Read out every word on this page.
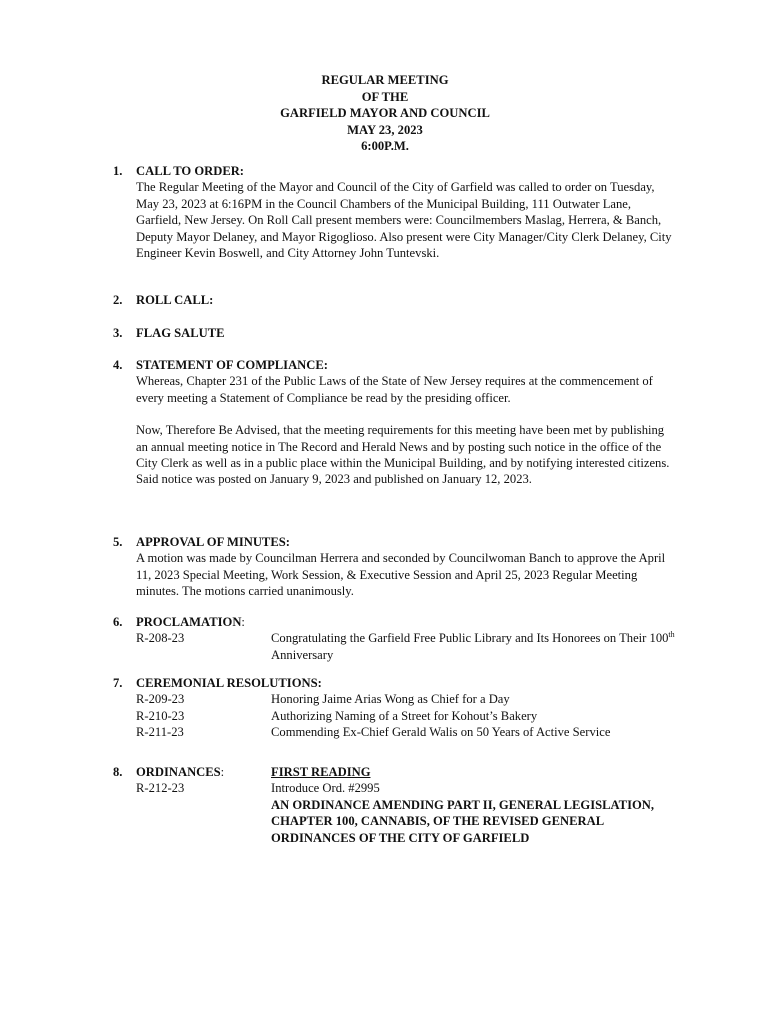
REGULAR MEETING
OF THE
GARFIELD MAYOR AND COUNCIL
MAY 23, 2023
6:00P.M.
1. CALL TO ORDER:

The Regular Meeting of the Mayor and Council of the City of Garfield was called to order on Tuesday, May 23, 2023 at 6:16PM in the Council Chambers of the Municipal Building, 111 Outwater Lane, Garfield, New Jersey. On Roll Call present members were: Councilmembers Maslag, Herrera, & Banch, Deputy Mayor Delaney, and Mayor Rigoglioso. Also present were City Manager/City Clerk Delaney, City Engineer Kevin Boswell, and City Attorney John Tuntevski.

2. ROLL CALL:
3. FLAG SALUTE
4. STATEMENT OF COMPLIANCE:

Whereas, Chapter 231 of the Public Laws of the State of New Jersey requires at the commencement of every meeting a Statement of Compliance be read by the presiding officer.

Now, Therefore Be Advised, that the meeting requirements for this meeting have been met by publishing an annual meeting notice in The Record and Herald News and by posting such notice in the office of the City Clerk as well as in a public place within the Municipal Building, and by notifying interested citizens. Said notice was posted on January 9, 2023 and published on January 12, 2023.

5. APPROVAL OF MINUTES:

A motion was made by Councilman Herrera and seconded by Councilwoman Banch to approve the April 11, 2023 Special Meeting, Work Session, & Executive Session and April 25, 2023 Regular Meeting minutes. The motions carried unanimously.

6. PROCLAMATION:
R-208-23	Congratulating the Garfield Free Public Library and Its Honorees on Their 100th Anniversary
7. CEREMONIAL RESOLUTIONS:
R-209-23	Honoring Jaime Arias Wong as Chief for a Day
R-210-23	Authorizing Naming of a Street for Kohout’s Bakery
R-211-23	Commending Ex-Chief Gerald Walis on 50 Years of Active Service
8. ORDINANCES:	FIRST READING
R-212-23	Introduce Ord. #2995
AN ORDINANCE AMENDING PART II, GENERAL LEGISLATION, CHAPTER 100, CANNABIS, OF THE REVISED GENERAL ORDINANCES OF THE CITY OF GARFIELD
